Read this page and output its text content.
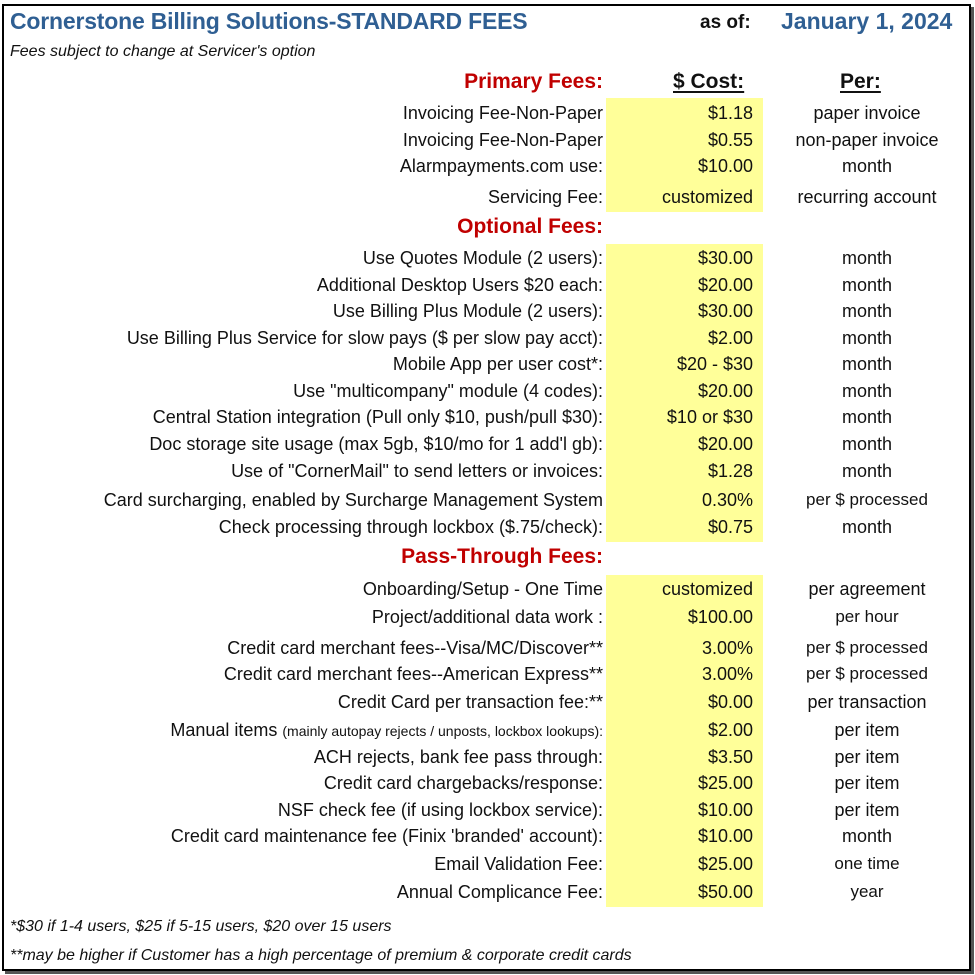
Cornerstone Billing Solutions-STANDARD FEES	as of: January 1, 2024
Fees subject to change at Servicer's option
Primary Fees:	$ Cost:	Per:
Invoicing Fee-Non-Paper	$1.18	paper invoice
Invoicing Fee-Non-Paper	$0.55	non-paper invoice
Alarmpayments.com use:	$10.00	month
Servicing Fee:	customized	recurring account
Optional Fees:
Use Quotes Module (2 users):	$30.00	month
Additional Desktop Users $20 each:	$20.00	month
Use Billing Plus Module (2 users):	$30.00	month
Use Billing Plus Service for slow pays ($ per slow pay acct):	$2.00	month
Mobile App per user cost*:	$20 - $30	month
Use "multicompany" module (4 codes):	$20.00	month
Central Station integration (Pull only $10, push/pull $30):	$10 or $30	month
Doc storage site usage (max 5gb, $10/mo for 1 add'l gb):	$20.00	month
Use of "CornerMail" to send letters or invoices:	$1.28	month
Card surcharging, enabled by Surcharge Management System	0.30%	per $ processed
Check processing through lockbox ($.75/check):	$0.75	month
Pass-Through Fees:
Onboarding/Setup - One Time	customized	per agreement
Project/additional data work :	$100.00	per hour
Credit card merchant fees--Visa/MC/Discover**	3.00%	per $ processed
Credit card merchant fees--American Express**	3.00%	per $ processed
Credit Card per transaction fee:**	$0.00	per transaction
Manual items (mainly autopay rejects / unposts, lockbox lookups):	$2.00	per item
ACH rejects, bank fee pass through:	$3.50	per item
Credit card chargebacks/response:	$25.00	per item
NSF check fee (if using lockbox service):	$10.00	per item
Credit card maintenance fee (Finix 'branded' account):	$10.00	month
Email Validation Fee:	$25.00	one time
Annual Complicance Fee:	$50.00	year
*$30 if 1-4 users, $25 if 5-15 users, $20 over 15 users
**may be higher if Customer has a high percentage of premium & corporate credit cards
